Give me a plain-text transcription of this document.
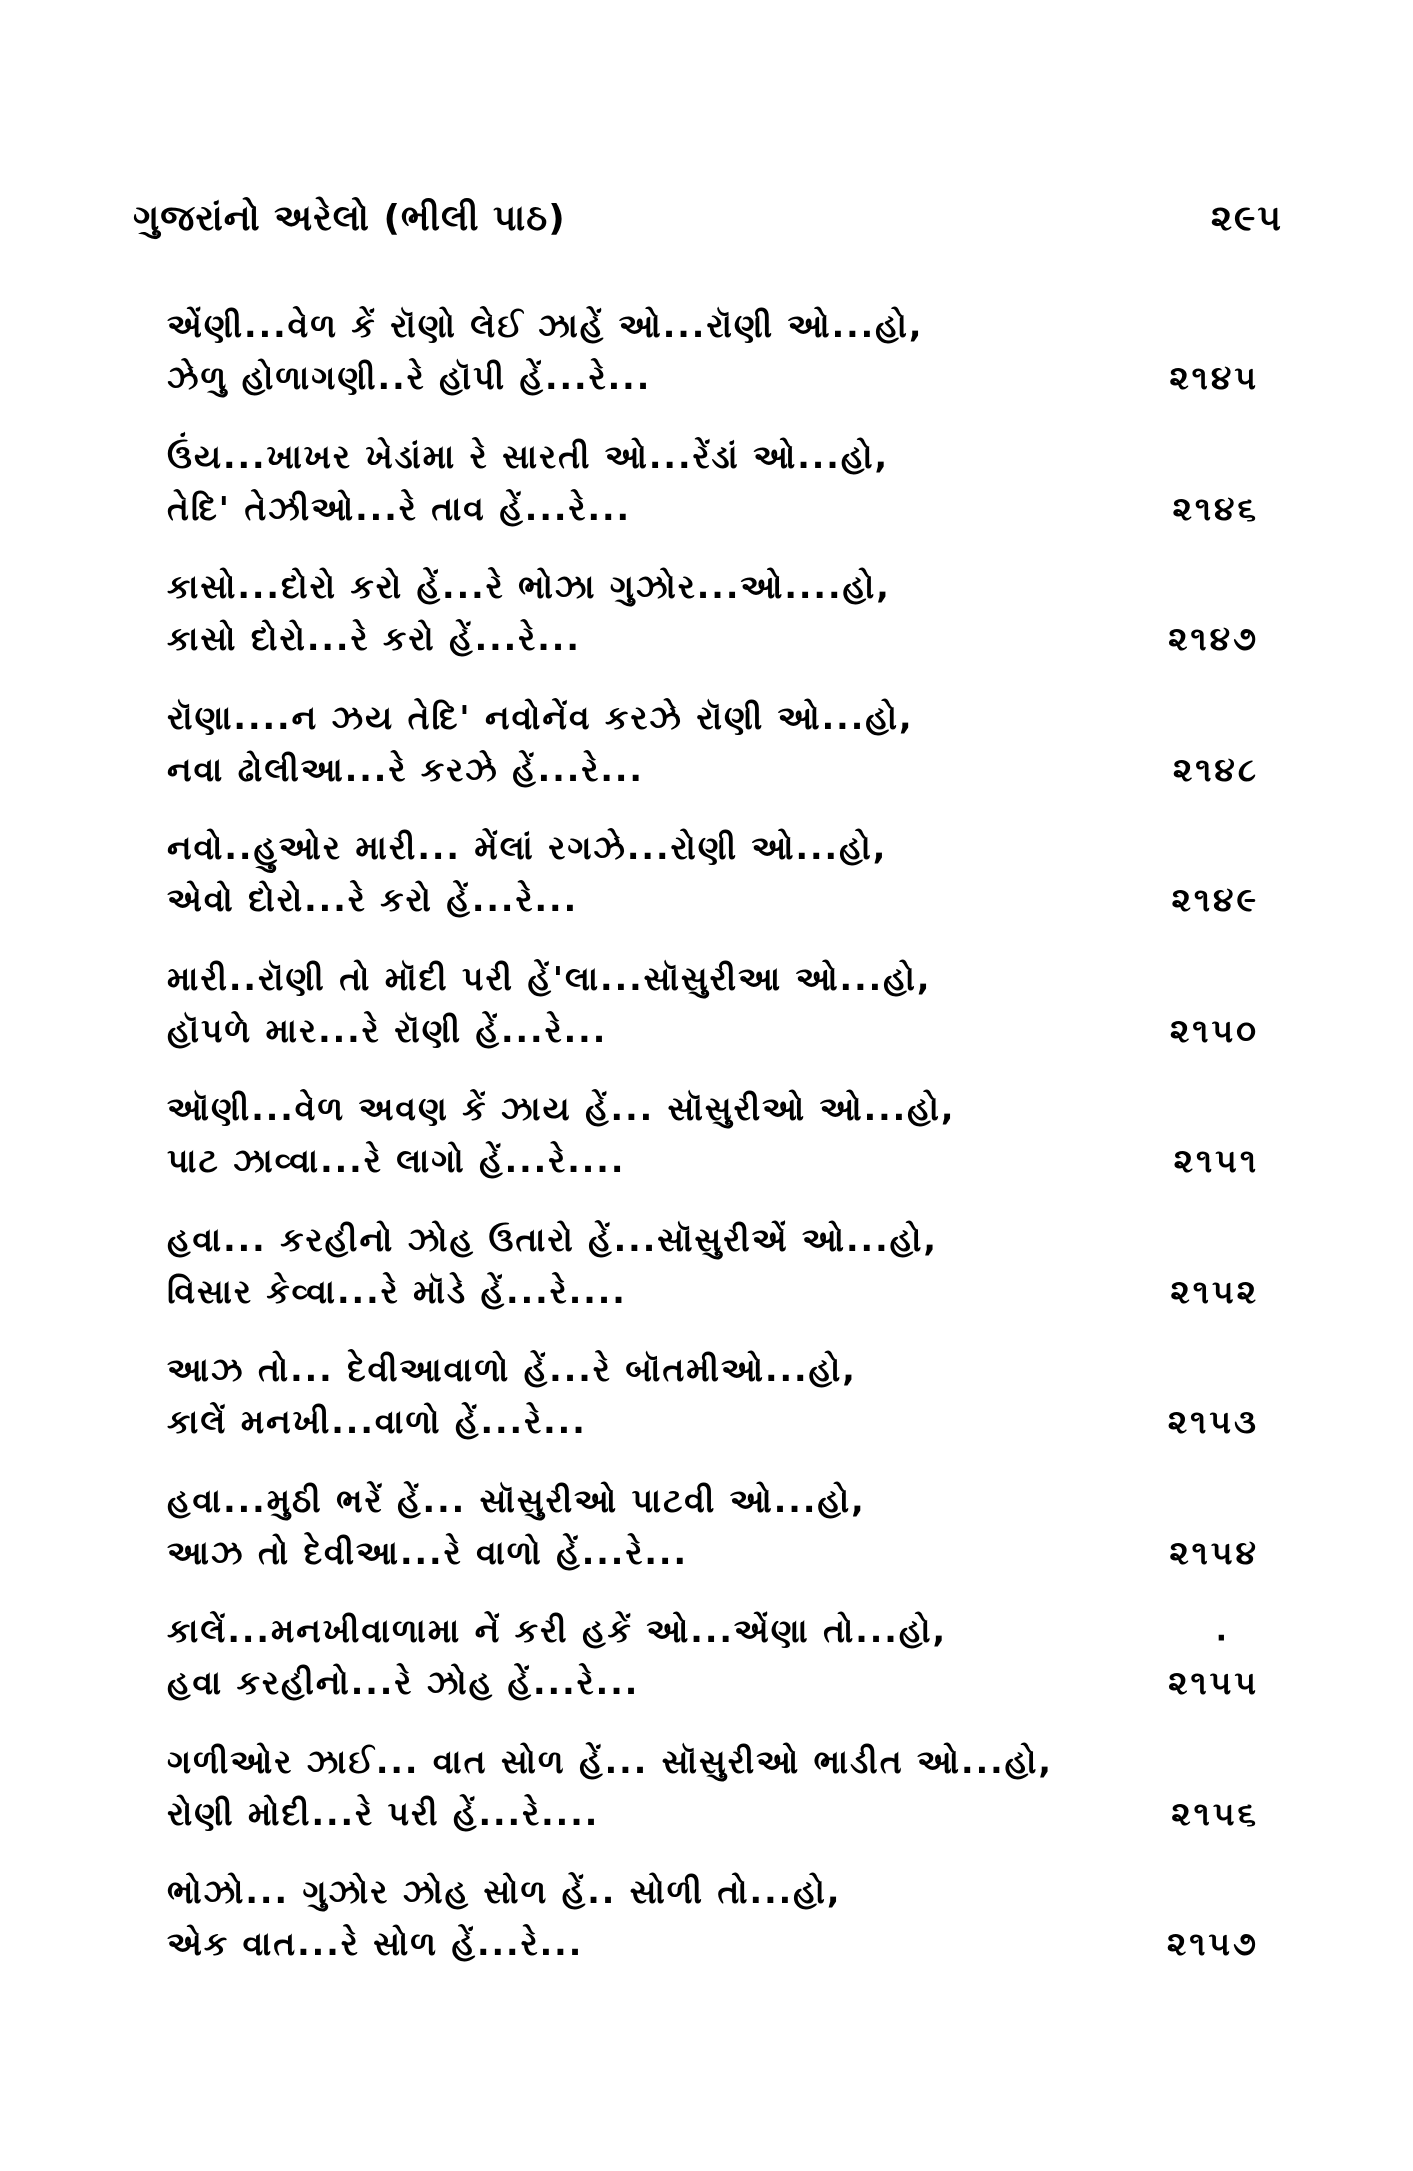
ગુજરાંનો અરેલો (ભીલી પાઠ)	૨૯૫
એંણી...વેળ કેં રૉણો લેઈ ઝાહેં ઓ...રૉણી ઓ...હો,
ઝેળુ હોળાગણી..રે હૉપી હેં...રે...	૨૧૪૫
ઉંય...ખાખર ખેડાંમા રે સારતી ઓ...રેંડાં ઓ...હો,
તેદિ' તેઝીઓ...રે તાવ હેં...રે...	૨૧૪૬
કાસો...દોરો કરો હેં...રે ભોઝા ગુઝોર...ઓ....હો,
કાસો દોરો...રે કરો હેં...રે...	૨૧૪૭
રૉણા....ન ઝય તેદિ' નવોનેંવ કરઝે રૉણી ઓ...હો,
નવા ઢોલીઆ...રે કરઝે હેં...રે...	૨૧૪૮
નવો..હુઓર મારી... મેંલાં રગઝે...રોણી ઓ...હો,
એવો દોરો...રે કરો હેં...રે...	૨૧૪૯
મારી..રૉણી તો મૉદી પરી હેં'લા...સૉસુરીઆ ઓ...હો,
હૉપળે માર...રે રૉણી હેં...રે...	૨૧૫૦
ઑણી...વેળ અવણ કેં ઝાય હેં... સૉસુરીઓ ઓ...હો,
પાટ ઝાવ્વા...રે લાગો હેં...રે....	૨૧૫૧
હવા... કરહીનો ઝોહ ઉતારો હેં...સૉસુરીએં ઓ...હો,
વિસાર કેવ્વા...રે મૉડે હેં...રે....	૨૧૫૨
આઝ તો... દેવીઆવાળો હેં...રે બૉતમીઓ...હો,
કાલેં મનખી...વાળો હેં...રે...	૨૧૫૩
હવા...મુઠી ભરેં હેં... સૉસુરીઓ પાટવી ઓ...હો,
આઝ તો દેવીઆ...રે વાળો હેં...રે...	૨૧૫૪
કાલેં...મનખીવાળામા નેં કરી હકેં ઓ...એંણા તો...હો,	·
હવા કરહીનો...રે ઝોહ હેં...રે...	૨૧૫૫
ગળીઓર ઝાઈ... વાત સોળ હેં... સૉસુરીઓ ભાડીત ઓ...હો,
રોણી મોદી...રે પરી હેં...રે....	૨૧૫૬
ભોઝો... ગુઝોર ઝોહ સોળ હેં.. સોળી તો...હો,
એક વાત...રે સોળ હેં...રે...	૨૧૫૭
